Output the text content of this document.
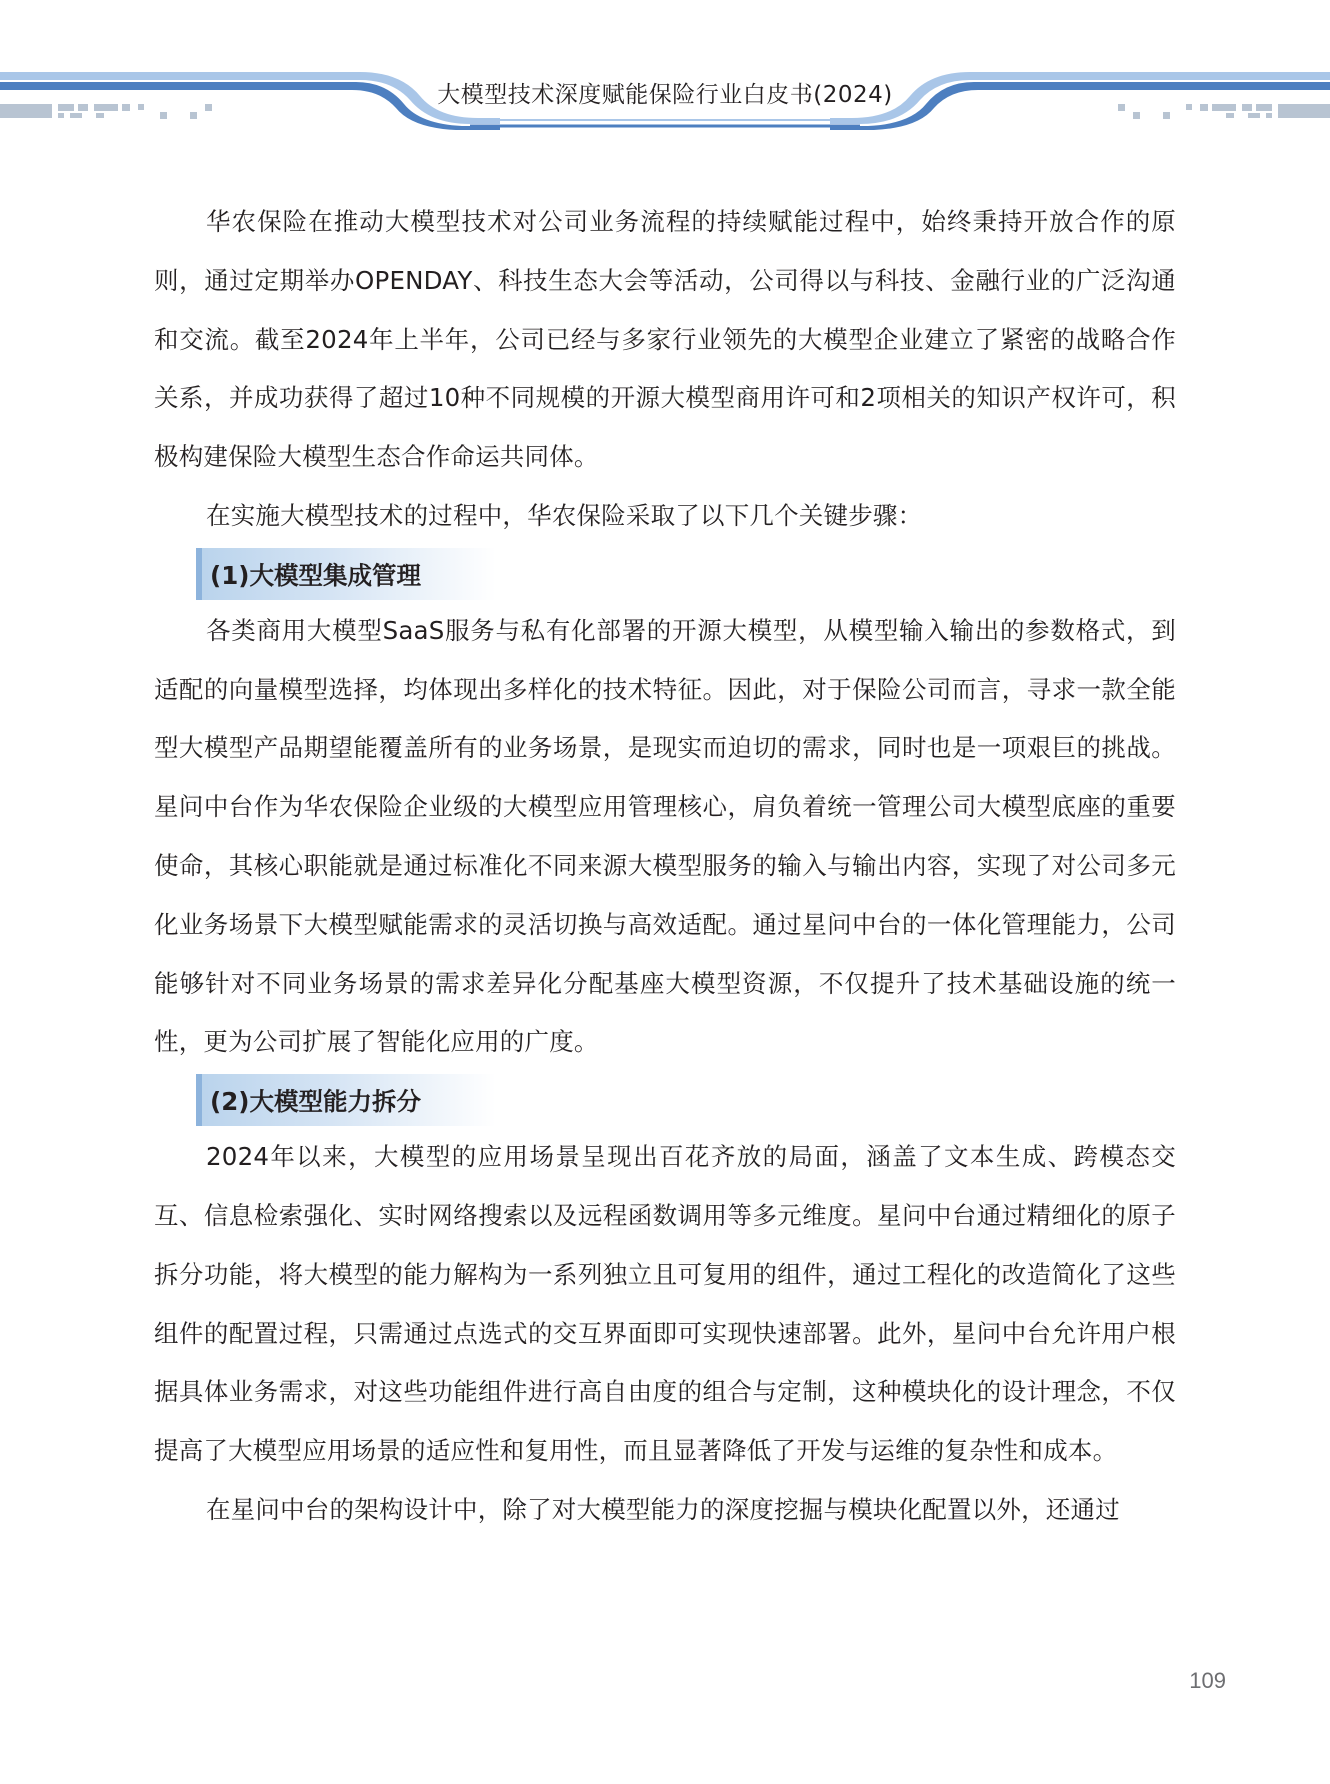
大模型技术深度赋能保险行业白皮书(2024)

华农保险在推动大模型技术对公司业务流程的持续赋能过程中，始终秉持开放合作的原则，通过定期举办OPENDAY、科技生态大会等活动，公司得以与科技、金融行业的广泛沟通和交流。截至2024年上半年，公司已经与多家行业领先的大模型企业建立了紧密的战略合作关系，并成功获得了超过10种不同规模的开源大模型商用许可和2项相关的知识产权许可，积极构建保险大模型生态合作命运共同体。

在实施大模型技术的过程中，华农保险采取了以下几个关键步骤：

(1)大模型集成管理

各类商用大模型SaaS服务与私有化部署的开源大模型，从模型输入输出的参数格式，到适配的向量模型选择，均体现出多样化的技术特征。因此，对于保险公司而言，寻求一款全能型大模型产品期望能覆盖所有的业务场景，是现实而迫切的需求，同时也是一项艰巨的挑战。星问中台作为华农保险企业级的大模型应用管理核心，肩负着统一管理公司大模型底座的重要使命，其核心职能就是通过标准化不同来源大模型服务的输入与输出内容，实现了对公司多元化业务场景下大模型赋能需求的灵活切换与高效适配。通过星问中台的一体化管理能力，公司能够针对不同业务场景的需求差异化分配基座大模型资源，不仅提升了技术基础设施的统一性，更为公司扩展了智能化应用的广度。

(2)大模型能力拆分

2024年以来，大模型的应用场景呈现出百花齐放的局面，涵盖了文本生成、跨模态交互、信息检索强化、实时网络搜索以及远程函数调用等多元维度。星问中台通过精细化的原子拆分功能，将大模型的能力解构为一系列独立且可复用的组件，通过工程化的改造简化了这些组件的配置过程，只需通过点选式的交互界面即可实现快速部署。此外，星问中台允许用户根据具体业务需求，对这些功能组件进行高自由度的组合与定制，这种模块化的设计理念，不仅提高了大模型应用场景的适应性和复用性，而且显著降低了开发与运维的复杂性和成本。

在星问中台的架构设计中，除了对大模型能力的深度挖掘与模块化配置以外，还通过

109
